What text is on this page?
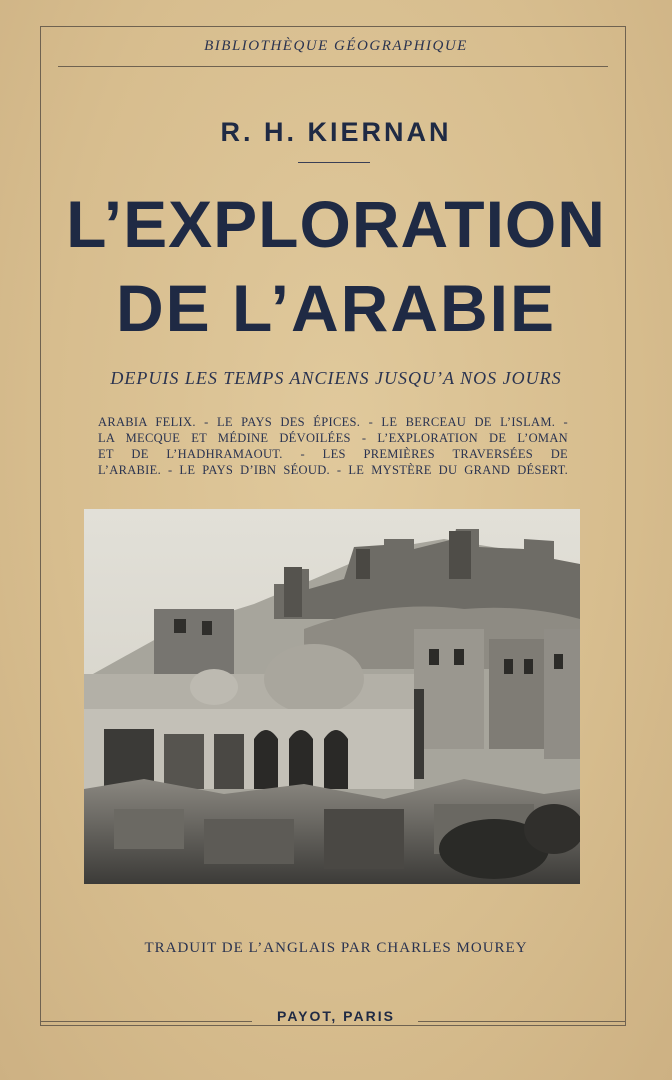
BIBLIOTHÈQUE GÉOGRAPHIQUE
R. H. KIERNAN
L’EXPLORATION
DE L’ARABIE
DEPUIS LES TEMPS ANCIENS JUSQU’A NOS JOURS
ARABIA FELIX. - LE PAYS DES ÉPICES. - LE BERCEAU DE L’ISLAM. -
LA MECQUE ET MÉDINE DÉVOILÉES - L’EXPLORATION DE L’OMAN
ET DE L’HADHRAMAOUT. - LES PREMIÈRES TRAVERSÉES DE
L’ARABIE. - LE PAYS D’IBN SÉOUD. - LE MYSTÈRE DU GRAND DÉSERT.
TRADUIT DE L’ANGLAIS PAR CHARLES MOUREY
PAYOT, PARIS
